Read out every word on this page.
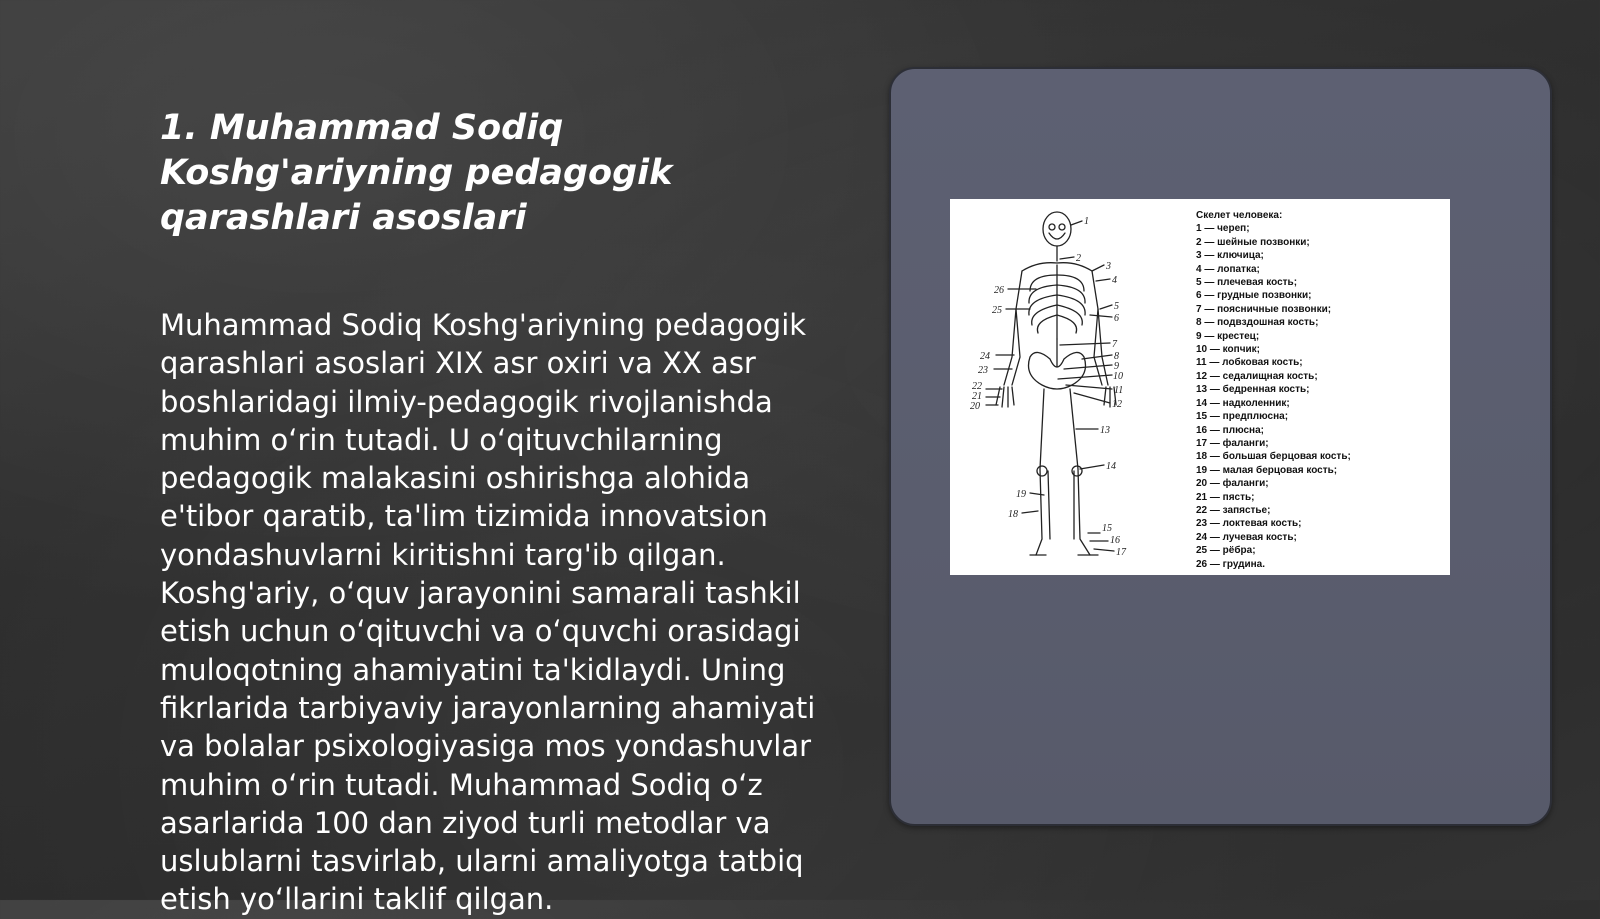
1. Muhammad Sodiq Koshg'ariyning pedagogik qarashlari asoslari

Muhammad Sodiq Koshg'ariyning pedagogik qarashlari asoslari XIX asr oxiri va XX asr boshlaridagi ilmiy-pedagogik rivojlanishda muhim o‘rin tutadi. U o‘qituvchilarning pedagogik malakasini oshirishga alohida e'tibor qaratib, ta'lim tizimida innovatsion yondashuvlarni kiritishni targ'ib qilgan. Koshg'ariy, o‘quv jarayonini samarali tashkil etish uchun o‘qituvchi va o‘quvchi orasidagi muloqotning ahamiyatini ta'kidlaydi. Uning fikrlarida tarbiyaviy jarayonlarning ahamiyati va bolalar psixologiyasiga mos yondashuvlar muhim o‘rin tutadi. Muhammad Sodiq o‘z asarlarida 100 dan ziyod turli metodlar va uslublarni tasvirlab, ularni amaliyotga tatbiq etish yo‘llarini taklif qilgan.

1
2
3
4
5
6
7
8
9
10
11
12
13
14
15
16
17
18
19
20
21
22
23
24
25
26
Скелет человека:
1 — череп;
2 — шейные позвонки;
3 — ключица;
4 — лопатка;
5 — плечевая кость;
6 — грудные позвонки;
7 — поясничные позвонки;
8 — подвздошная кость;
9 — крестец;
10 — копчик;
11 — лобковая кость;
12 — седалищная кость;
13 — бедренная кость;
14 — надколенник;
15 — предплюсна;
16 — плюсна;
17 — фаланги;
18 — большая берцовая кость;
19 — малая берцовая кость;
20 — фаланги;
21 — пясть;
22 — запястье;
23 — локтевая кость;
24 — лучевая кость;
25 — рёбра;
26 — грудина.
